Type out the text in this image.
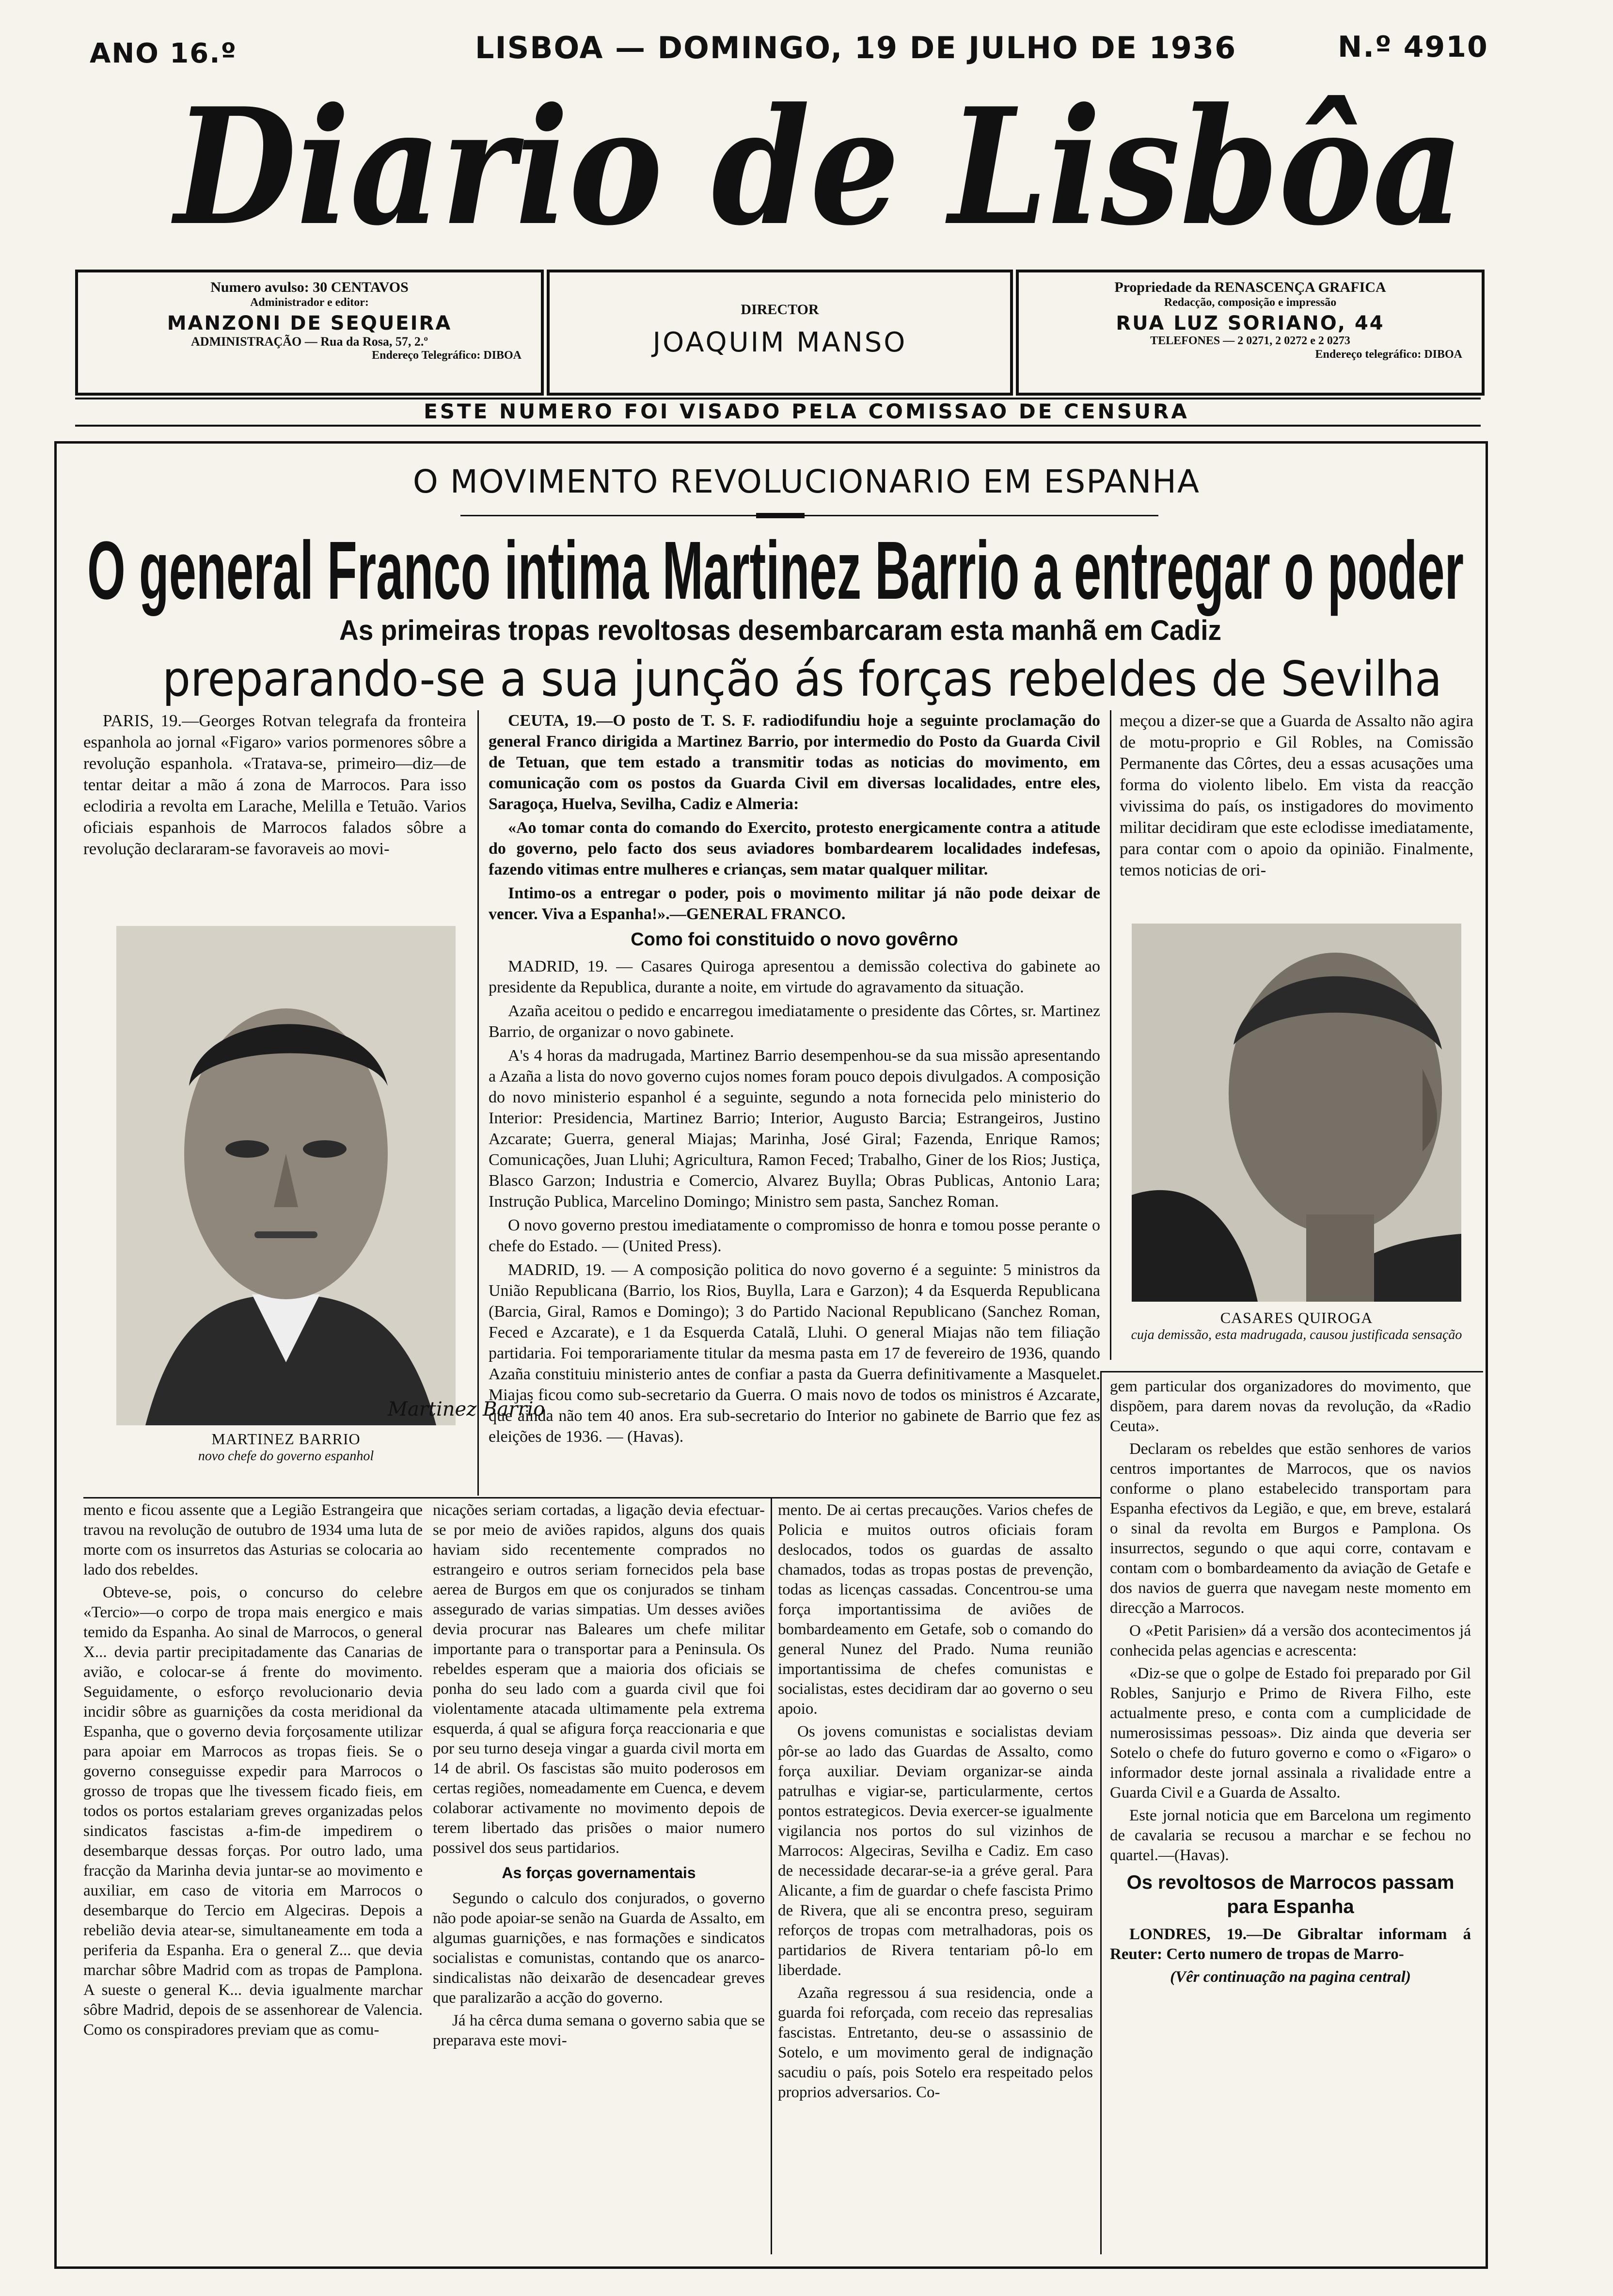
ANO 16.º	LISBOA — DOMINGO, 19 DE JULHO DE 1936	N.º 4910
Diario de Lisbôa
Numero avulso: 30 CENTAVOS
Administrador e editor:
MANZONI DE SEQUEIRA
ADMINISTRAÇÃO — Rua da Rosa, 57, 2.º
Endereço Telegráfico: DIBOA
DIRECTOR
JOAQUIM MANSO
Propriedade da RENASCENÇA GRAFICA
Redacção, composição e impressão
RUA LUZ SORIANO, 44
TELEFONES — 2 0271, 2 0272 e 2 0273
Endereço telegráfico: DIBOA
ESTE NUMERO FOI VISADO PELA COMISSAO DE CENSURA
O MOVIMENTO REVOLUCIONARIO EM ESPANHA
O general Franco intima Martinez Barrio a entregar o poder
As primeiras tropas revoltosas desembarcaram esta manhã em Cadiz
preparando-se a sua junção ás forças rebeldes de Sevilha

PARIS, 19.—Georges Rotvan telegrafa da fronteira espanhola ao jornal «Figaro» varios pormenores sôbre a revolução espanhola. «Tratava-se, primeiro—diz—de tentar deitar a mão á zona de Marrocos. Para isso eclodiria a revolta em Larache, Melilla e Tetuão. Varios oficiais espanhois de Marrocos falados sôbre a revolução declararam-se favoraveis ao movi-

Martinez Barrio
MARTINEZ BARRIO
novo chefe do governo espanhol

CEUTA, 19.—O posto de T. S. F. radiodifundiu hoje a seguinte proclamação do general Franco dirigida a Martinez Barrio, por intermedio do Posto da Guarda Civil de Tetuan, que tem estado a transmitir todas as noticias do movimento, em comunicação com os postos da Guarda Civil em diversas localidades, entre eles, Saragoça, Huelva, Sevilha, Cadiz e Almeria:

«Ao tomar conta do comando do Exercito, protesto energicamente contra a atitude do governo, pelo facto dos seus aviadores bombardearem localidades indefesas, fazendo vitimas entre mulheres e crianças, sem matar qualquer militar.

Intimo-os a entregar o poder, pois o movimento militar já não pode deixar de vencer. Viva a Espanha!».—GENERAL FRANCO.

Como foi constituido o novo govêrno

MADRID, 19. — Casares Quiroga apresentou a demissão colectiva do gabinete ao presidente da Republica, durante a noite, em virtude do agravamento da situação.

Azaña aceitou o pedido e encarregou imediatamente o presidente das Côrtes, sr. Martinez Barrio, de organizar o novo gabinete.

A's 4 horas da madrugada, Martinez Barrio desempenhou-se da sua missão apresentando a Azaña a lista do novo governo cujos nomes foram pouco depois divulgados. A composição do novo ministerio espanhol é a seguinte, segundo a nota fornecida pelo ministerio do Interior: Presidencia, Martinez Barrio; Interior, Augusto Barcia; Estrangeiros, Justino Azcarate; Guerra, general Miajas; Marinha, José Giral; Fazenda, Enrique Ramos; Comunicações, Juan Lluhi; Agricultura, Ramon Feced; Trabalho, Giner de los Rios; Justiça, Blasco Garzon; Industria e Comercio, Alvarez Buylla; Obras Publicas, Antonio Lara; Instrução Publica, Marcelino Domingo; Ministro sem pasta, Sanchez Roman.

O novo governo prestou imediatamente o compromisso de honra e tomou posse perante o chefe do Estado. — (United Press).

MADRID, 19. — A composição politica do novo governo é a seguinte: 5 ministros da União Republicana (Barrio, los Rios, Buylla, Lara e Garzon); 4 da Esquerda Republicana (Barcia, Giral, Ramos e Domingo); 3 do Partido Nacional Republicano (Sanchez Roman, Feced e Azcarate), e 1 da Esquerda Catalã, Lluhi. O general Miajas não tem filiação partidaria. Foi temporariamente titular da mesma pasta em 17 de fevereiro de 1936, quando Azaña constituiu ministerio antes de confiar a pasta da Guerra definitivamente a Masquelet. Miajas ficou como sub-secretario da Guerra. O mais novo de todos os ministros é Azcarate, que ainda não tem 40 anos. Era sub-secretario do Interior no gabinete de Barrio que fez as eleições de 1936. — (Havas).

meçou a dizer-se que a Guarda de Assalto não agira de motu-proprio e Gil Robles, na Comissão Permanente das Côrtes, deu a essas acusações uma forma do violento libelo. Em vista da reacção vivissima do país, os instigadores do movimento militar decidiram que este eclodisse imediatamente, para contar com o apoio da opinião. Finalmente, temos noticias de ori-

CASARES QUIROGA
cuja demissão, esta madrugada, causou justificada sensação

mento e ficou assente que a Legião Estrangeira que travou na revolução de outubro de 1934 uma luta de morte com os insurretos das Asturias se colocaria ao lado dos rebeldes.

Obteve-se, pois, o concurso do celebre «Tercio»—o corpo de tropa mais energico e mais temido da Espanha. Ao sinal de Marrocos, o general X... devia partir precipitadamente das Canarias de avião, e colocar-se á frente do movimento. Seguidamente, o esforço revolucionario devia incidir sôbre as guarnições da costa meridional da Espanha, que o governo devia forçosamente utilizar para apoiar em Marrocos as tropas fieis. Se o governo conseguisse expedir para Marrocos o grosso de tropas que lhe tivessem ficado fieis, em todos os portos estalariam greves organizadas pelos sindicatos fascistas a-fim-de impedirem o desembarque dessas forças. Por outro lado, uma fracção da Marinha devia juntar-se ao movimento e auxiliar, em caso de vitoria em Marrocos o desembarque do Tercio em Algeciras. Depois a rebelião devia atear-se, simultaneamente em toda a periferia da Espanha. Era o general Z... que devia marchar sôbre Madrid com as tropas de Pamplona. A sueste o general K... devia igualmente marchar sôbre Madrid, depois de se assenhorear de Valencia. Como os conspiradores previam que as comu-

nicações seriam cortadas, a ligação devia efectuar-se por meio de aviões rapidos, alguns dos quais haviam sido recentemente comprados no estrangeiro e outros seriam fornecidos pela base aerea de Burgos em que os conjurados se tinham assegurado de varias simpatias. Um desses aviões devia procurar nas Baleares um chefe militar importante para o transportar para a Peninsula. Os rebeldes esperam que a maioria dos oficiais se ponha do seu lado com a guarda civil que foi violentamente atacada ultimamente pela extrema esquerda, á qual se afigura força reaccionaria e que por seu turno deseja vingar a guarda civil morta em 14 de abril. Os fascistas são muito poderosos em certas regiões, nomeadamente em Cuenca, e devem colaborar activamente no movimento depois de terem libertado das prisões o maior numero possivel dos seus partidarios.

As forças governamentais

Segundo o calculo dos conjurados, o governo não pode apoiar-se senão na Guarda de Assalto, em algumas guarnições, e nas formações e sindicatos socialistas e comunistas, contando que os anarco-sindicalistas não deixarão de desencadear greves que paralizarão a acção do governo.

Já ha cêrca duma semana o governo sabia que se preparava este movi-

mento. De ai certas precauções. Varios chefes de Policia e muitos outros oficiais foram deslocados, todos os guardas de assalto chamados, todas as tropas postas de prevenção, todas as licenças cassadas. Concentrou-se uma força importantissima de aviões de bombardeamento em Getafe, sob o comando do general Nunez del Prado. Numa reunião importantissima de chefes comunistas e socialistas, estes decidiram dar ao governo o seu apoio.

Os jovens comunistas e socialistas deviam pôr-se ao lado das Guardas de Assalto, como força auxiliar. Deviam organizar-se ainda patrulhas e vigiar-se, particularmente, certos pontos estrategicos. Devia exercer-se igualmente vigilancia nos portos do sul vizinhos de Marrocos: Algeciras, Sevilha e Cadiz. Em caso de necessidade decarar-se-ia a gréve geral. Para Alicante, a fim de guardar o chefe fascista Primo de Rivera, que ali se encontra preso, seguiram reforços de tropas com metralhadoras, pois os partidarios de Rivera tentariam pô-lo em liberdade.

Azaña regressou á sua residencia, onde a guarda foi reforçada, com receio das represalias fascistas. Entretanto, deu-se o assassinio de Sotelo, e um movimento geral de indignação sacudiu o país, pois Sotelo era respeitado pelos proprios adversarios. Co-

gem particular dos organizadores do movimento, que dispõem, para darem novas da revolução, da «Radio Ceuta».

Declaram os rebeldes que estão senhores de varios centros importantes de Marrocos, que os navios conforme o plano estabelecido transportam para Espanha efectivos da Legião, e que, em breve, estalará o sinal da revolta em Burgos e Pamplona. Os insurrectos, segundo o que aqui corre, contavam e contam com o bombardeamento da aviação de Getafe e dos navios de guerra que navegam neste momento em direcção a Marrocos.

O «Petit Parisien» dá a versão dos acontecimentos já conhecida pelas agencias e acrescenta:

«Diz-se que o golpe de Estado foi preparado por Gil Robles, Sanjurjo e Primo de Rivera Filho, este actualmente preso, e conta com a cumplicidade de numerosissimas pessoas». Diz ainda que deveria ser Sotelo o chefe do futuro governo e como o «Figaro» o informador deste jornal assinala a rivalidade entre a Guarda Civil e a Guarda de Assalto.

Este jornal noticia que em Barcelona um regimento de cavalaria se recusou a marchar e se fechou no quartel.—(Havas).

Os revoltosos de Marrocos passam para Espanha

LONDRES, 19.—De Gibraltar informam á Reuter: Certo numero de tropas de Marro-

(Vêr continuação na pagina central)
